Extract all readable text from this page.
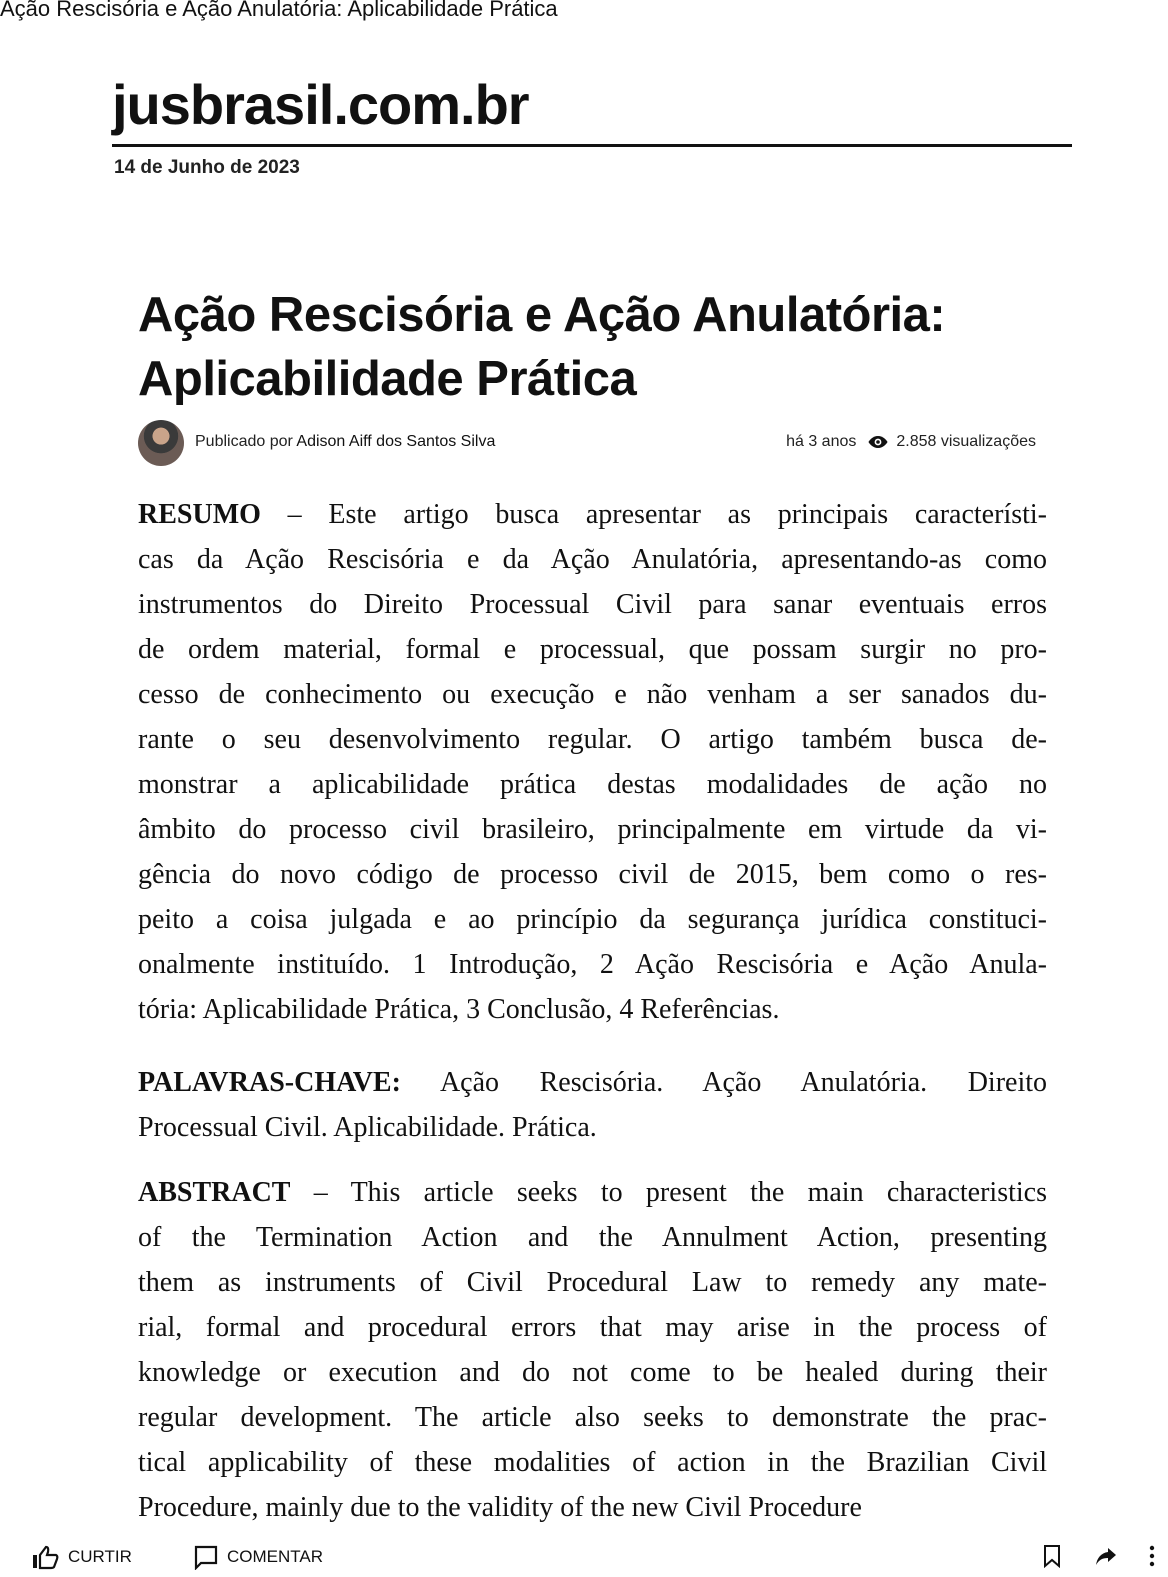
Ação Rescisória e Ação Anulatória: Aplicabilidade Prática
jusbrasil.com.br
14 de Junho de 2023
Ação Rescisória e Ação Anulatória:
Aplicabilidade Prática
Publicado por Adison Aiff dos Santos Silva	há 3 anos	2.858 visualizações
RESUMO – Este artigo busca apresentar as principais característi-
cas da Ação Rescisória e da Ação Anulatória, apresentando-as como
instrumentos do Direito Processual Civil para sanar eventuais erros
de ordem material, formal e processual, que possam surgir no pro-
cesso de conhecimento ou execução e não venham a ser sanados du-
rante o seu desenvolvimento regular. O artigo também busca de-
monstrar a aplicabilidade prática destas modalidades de ação no
âmbito do processo civil brasileiro, principalmente em virtude da vi-
gência do novo código de processo civil de 2015, bem como o res-
peito a coisa julgada e ao princípio da segurança jurídica constituci-
onalmente instituído. 1 Introdução, 2 Ação Rescisória e Ação Anula-
tória: Aplicabilidade Prática, 3 Conclusão, 4 Referências.
PALAVRAS-CHAVE: Ação Rescisória. Ação Anulatória. Direito
Processual Civil. Aplicabilidade. Prática.
ABSTRACT – This article seeks to present the main characteristics
of the Termination Action and the Annulment Action, presenting
them as instruments of Civil Procedural Law to remedy any mate-
rial, formal and procedural errors that may arise in the process of
knowledge or execution and do not come to be healed during their
regular development. The article also seeks to demonstrate the prac-
tical applicability of these modalities of action in the Brazilian Civil
Procedure, mainly due to the validity of the new Civil Procedure
CURTIR	COMENTAR
